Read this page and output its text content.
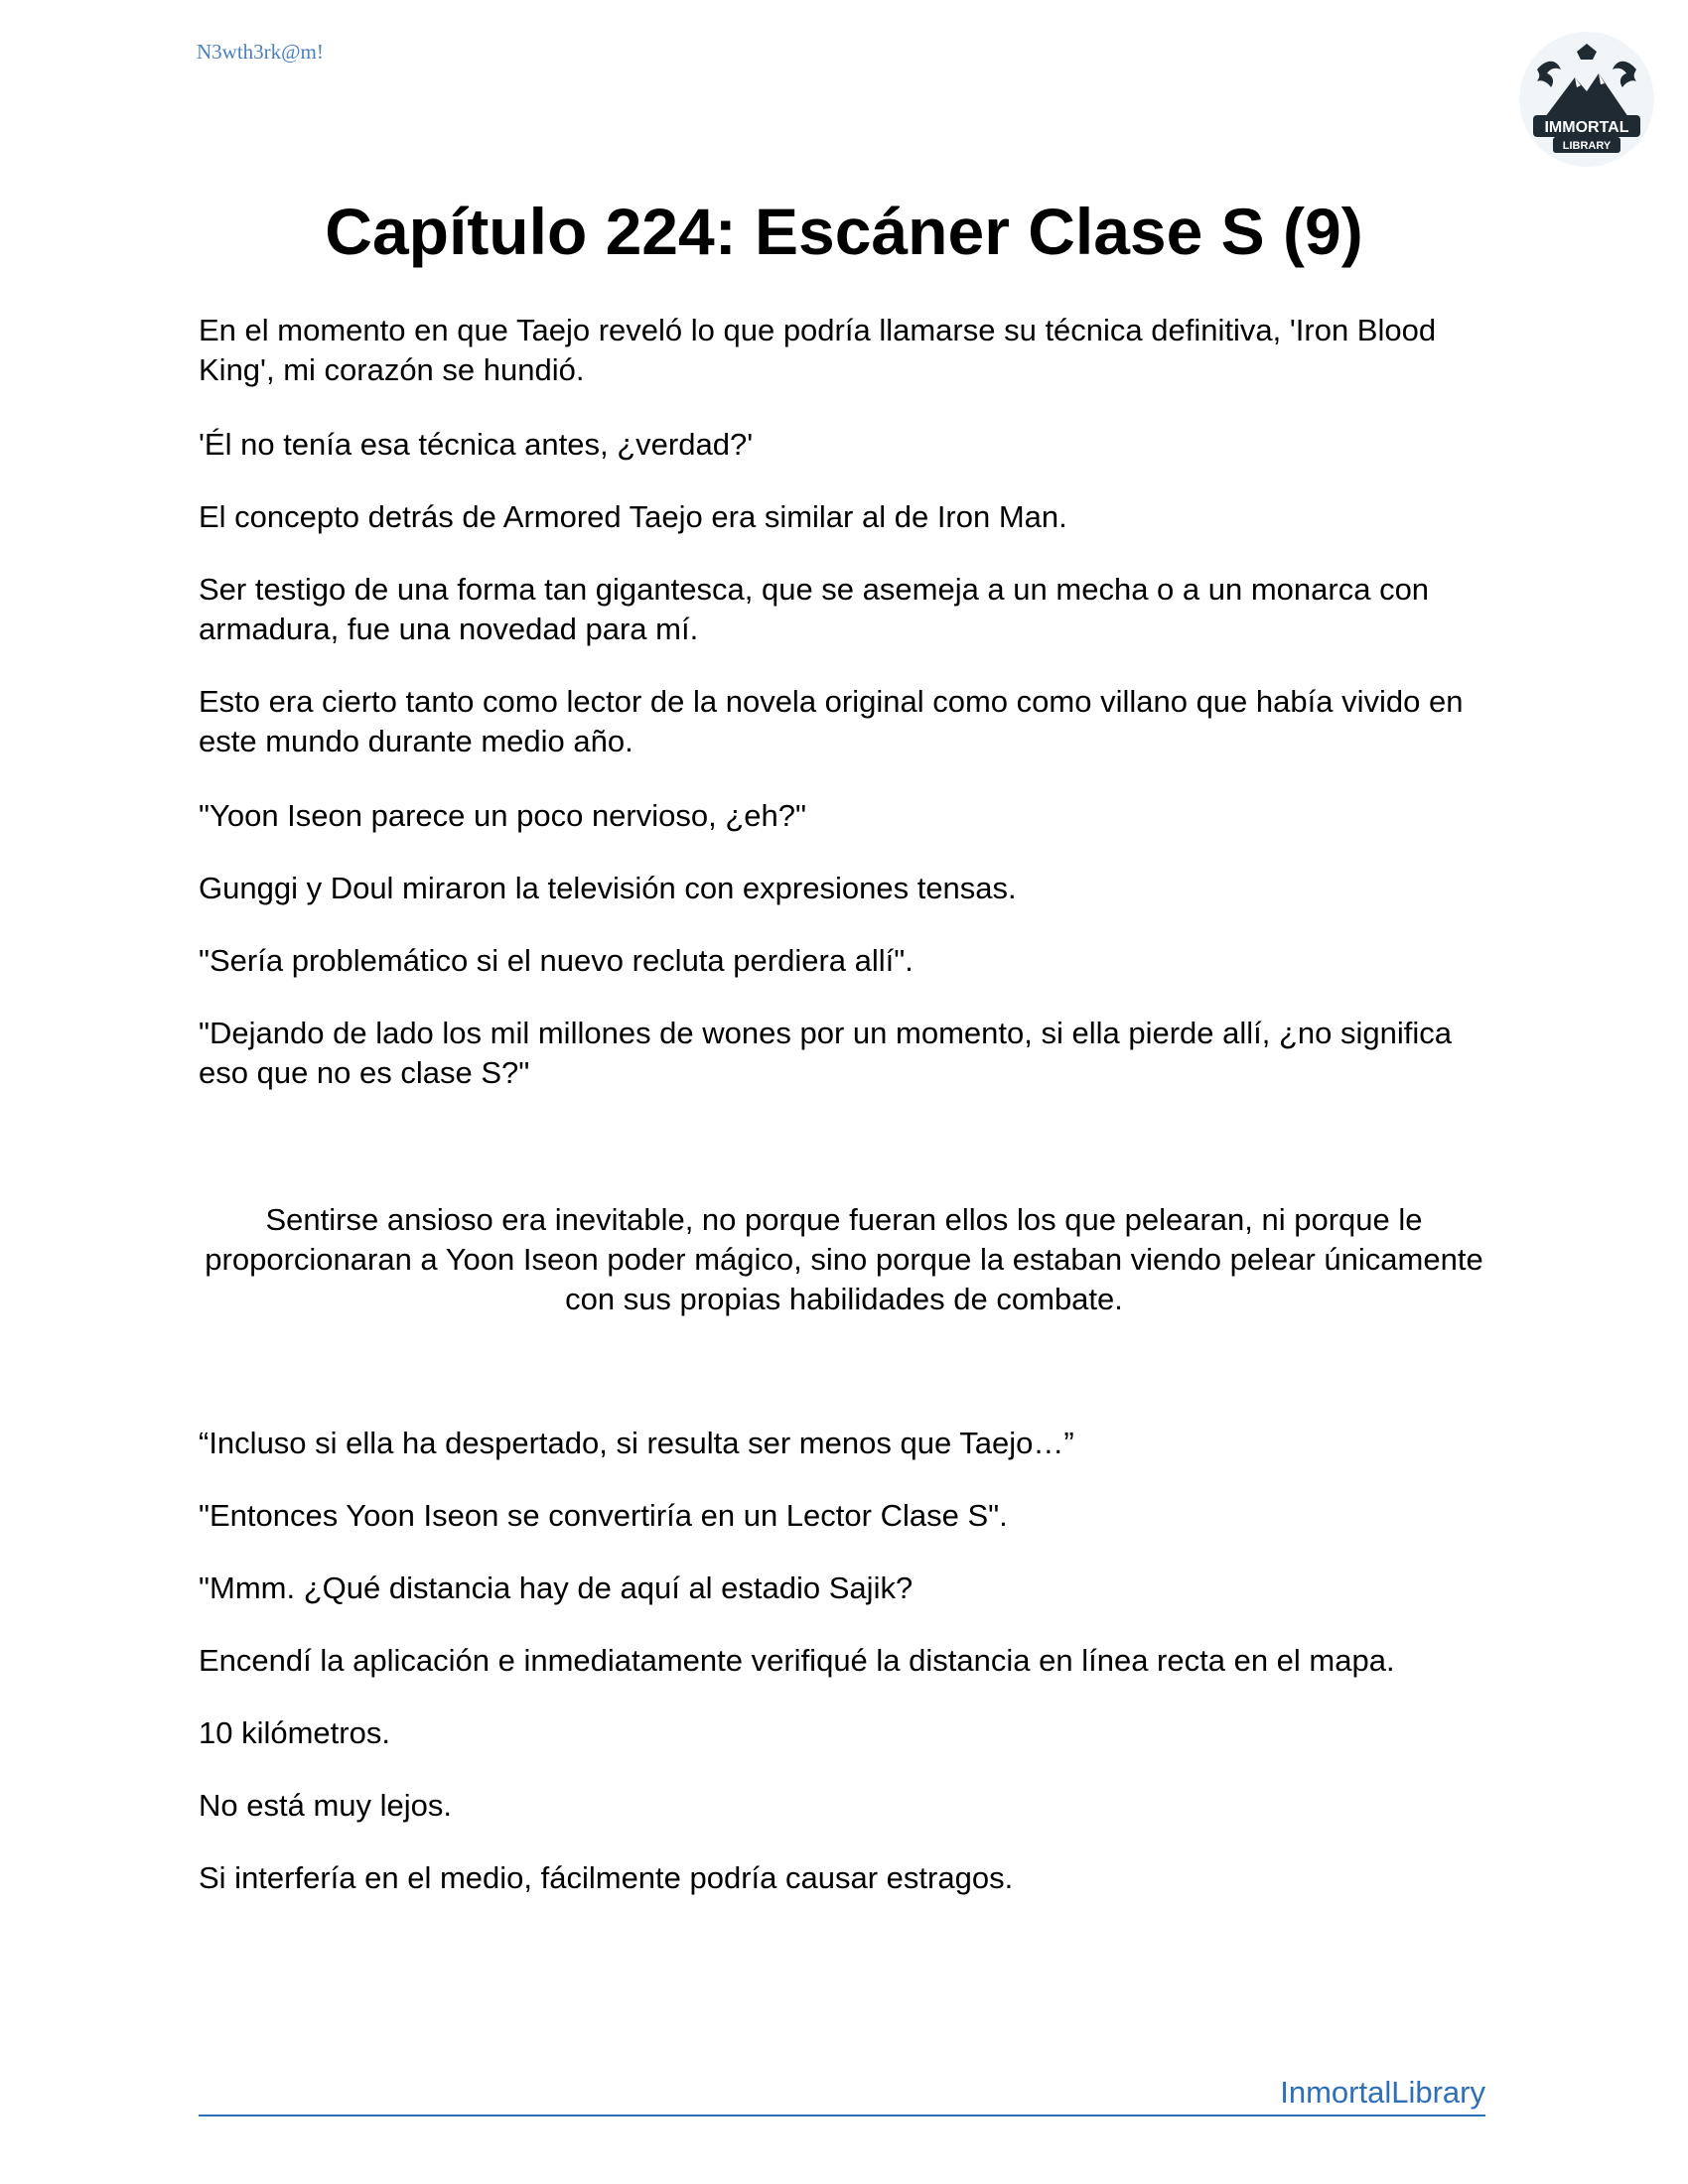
N3wth3rk@m!
IMMORTAL
LIBRARY
Capítulo 224: Escáner Clase S (9)

En el momento en que Taejo reveló lo que podría llamarse su técnica definitiva, 'Iron Blood King', mi corazón se hundió.

'Él no tenía esa técnica antes, ¿verdad?'

El concepto detrás de Armored Taejo era similar al de Iron Man.

Ser testigo de una forma tan gigantesca, que se asemeja a un mecha o a un monarca con armadura, fue una novedad para mí.

Esto era cierto tanto como lector de la novela original como como villano que había vivido en este mundo durante medio año.

"Yoon Iseon parece un poco nervioso, ¿eh?"

Gunggi y Doul miraron la televisión con expresiones tensas.

"Sería problemático si el nuevo recluta perdiera allí".

"Dejando de lado los mil millones de wones por un momento, si ella pierde allí, ¿no significa eso que no es clase S?"

Sentirse ansioso era inevitable, no porque fueran ellos los que pelearan, ni porque le proporcionaran a Yoon Iseon poder mágico, sino porque la estaban viendo pelear únicamente con sus propias habilidades de combate.

“Incluso si ella ha despertado, si resulta ser menos que Taejo…”

"Entonces Yoon Iseon se convertiría en un Lector Clase S".

"Mmm. ¿Qué distancia hay de aquí al estadio Sajik?

Encendí la aplicación e inmediatamente verifiqué la distancia en línea recta en el mapa.

10 kilómetros.

No está muy lejos.

Si interfería en el medio, fácilmente podría causar estragos.

InmortalLibrary
